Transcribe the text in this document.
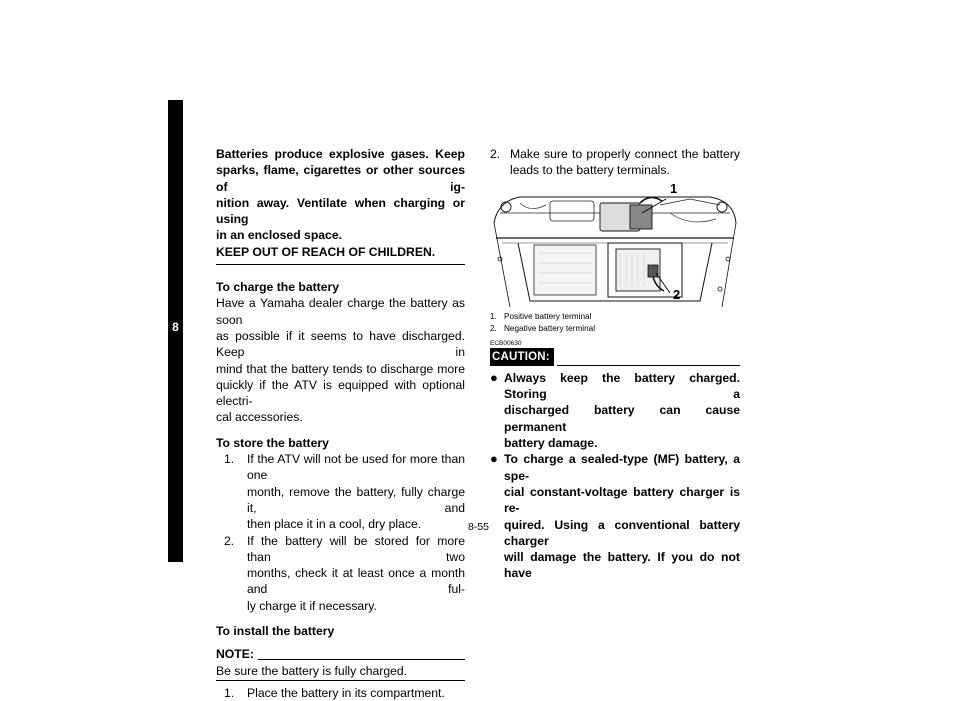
8
Batteries produce explosive gases. Keep
sparks, flame, cigarettes or other sources of ig-
nition away. Ventilate when charging or using
in an enclosed space.
KEEP OUT OF REACH OF CHILDREN.
To charge the battery
Have a Yamaha dealer charge the battery as soon
as possible if it seems to have discharged. Keep in
mind that the battery tends to discharge more
quickly if the ATV is equipped with optional electri-
cal accessories.
To store the battery
1.	If the ATV will not be used for more than one
month, remove the battery, fully charge it, and
then place it in a cool, dry place.
2.	If the battery will be stored for more than two
months, check it at least once a month and ful-
ly charge it if necessary.
To install the battery
NOTE:
Be sure the battery is fully charged.
1.	Place the battery in its compartment.
2. Make sure to properly connect the battery
leads to the battery terminals.
1
2
1. Positive battery terminal
2. Negative battery terminal
ECB00630
CAUTION:
● Always keep the battery charged. Storing a
discharged battery can cause permanent
battery damage.
● To charge a sealed-type (MF) battery, a spe-
cial constant-voltage battery charger is re-
quired. Using a conventional battery charger
will damage the battery. If you do not have
8-55
